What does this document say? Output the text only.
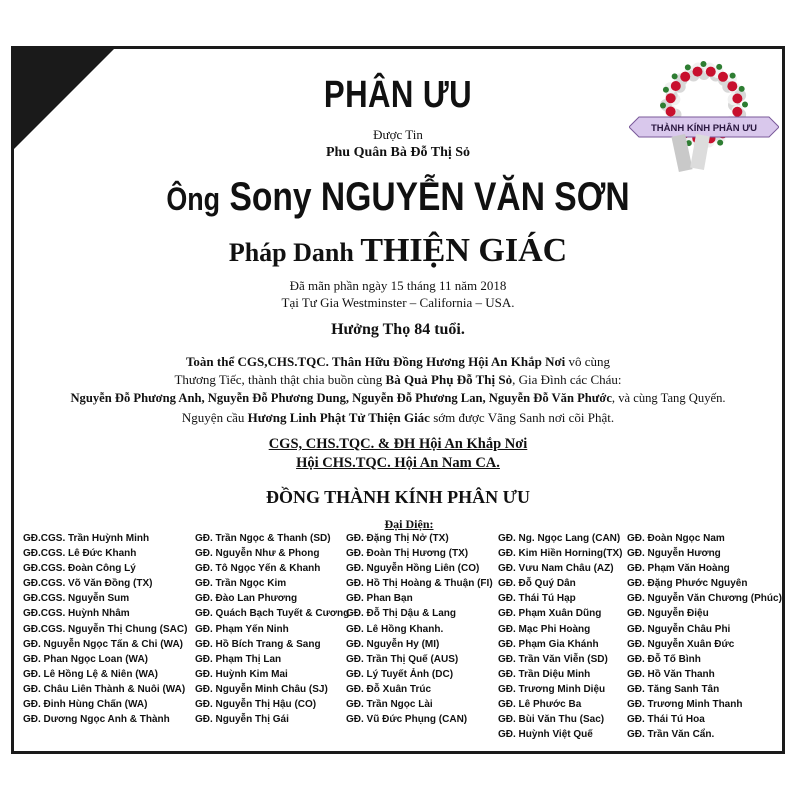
THÀNH KÍNH PHÂN ƯU
PHÂN ƯU
Được Tin
Phu Quân Bà Đỗ Thị Sỏ
Ông Sony NGUYỄN VĂN SƠN
Pháp Danh THIỆN GIÁC
Đã mãn phần ngày 15 tháng 11 năm 2018
Tại Tư Gia Westminster – California – USA.
Hưởng Thọ 84 tuổi.
Toàn thể CGS,CHS.TQC. Thân Hữu Đồng Hương Hội An Khắp Nơi vô cùng
Thương Tiếc, thành thật chia buồn cùng Bà Quả Phụ Đỗ Thị Sỏ, Gia Đình các Cháu:
Nguyễn Đỗ Phương Anh, Nguyễn Đỗ Phương Dung, Nguyễn Đỗ Phương Lan, Nguyễn Đỗ Văn Phước, và cùng Tang Quyến.
Nguyện cầu Hương Linh Phật Tử Thiện Giác sớm được Vãng Sanh nơi cõi Phật.
CGS, CHS.TQC. & ĐH Hội An Khắp Nơi
Hội CHS.TQC. Hội An Nam CA.
ĐỒNG THÀNH KÍNH PHÂN ƯU
Đại Diện:
GĐ.CGS. Trần Huỳnh Minh
GĐ.CGS. Lê Đức Khanh
GĐ.CGS. Đoàn Công Lý
GĐ.CGS. Võ Văn Đồng (TX)
GĐ.CGS. Nguyễn Sum
GĐ.CGS. Huỳnh Nhâm
GĐ.CGS. Nguyễn Thị Chung (SAC)
GĐ. Nguyễn Ngọc Tấn & Chi (WA)
GĐ. Phan Ngọc Loan (WA)
GĐ. Lê Hồng Lệ & Niên (WA)
GĐ. Châu Liên Thành & Nuôi (WA)
GĐ. Đinh Hùng Chấn (WA)
GĐ. Dương Ngọc Anh & Thành
GĐ. Trần Ngọc & Thanh (SD)
GĐ. Nguyễn Như & Phong
GĐ. Tô Ngọc Yến & Khanh
GĐ. Trần Ngọc Kim
GĐ. Đào Lan Phương
GĐ. Quách Bạch Tuyết & Cương
GĐ. Phạm Yến Ninh
GĐ. Hồ Bích Trang & Sang
GĐ. Phạm Thị Lan
GĐ. Huỳnh Kim Mai
GĐ. Nguyễn Minh Châu (SJ)
GĐ. Nguyễn Thị Hậu (CO)
GĐ. Nguyễn Thị Gái
GĐ. Đặng Thị Nở (TX)
GĐ. Đoàn Thị Hương (TX)
GĐ. Nguyễn Hồng Liên (CO)
GĐ. Hồ Thị Hoàng & Thuận (FI)
GĐ. Phan Bạn
GĐ. Đỗ Thị Dậu & Lang
GĐ. Lê Hồng Khanh.
GĐ. Nguyễn Hy (MI)
GĐ. Trần Thị Quế (AUS)
GĐ. Lý Tuyết Ảnh (DC)
GĐ. Đỗ Xuân Trúc
GĐ. Trần Ngọc Lài
GĐ. Vũ Đức Phụng (CAN)
GĐ. Ng. Ngọc Lang (CAN)
GĐ. Kim Hiền Horning(TX)
GĐ. Vưu Nam Châu (AZ)
GĐ. Đỗ Quý Dân
GĐ. Thái Tú Hạp
GĐ. Phạm Xuân Dũng
GĐ. Mạc Phi Hoàng
GĐ. Phạm Gia Khánh
GĐ. Trần Văn Viễn (SD)
GĐ. Trần Diệu Minh
GĐ. Trương Minh Diệu
GĐ. Lê Phước Ba
GĐ. Bùi Văn Thu (Sac)
GĐ. Huỳnh Việt Quế
GĐ. Đoàn Ngọc Nam
GĐ. Nguyễn Hương
GĐ. Phạm Văn Hoàng
GĐ. Đặng Phước Nguyên
GĐ. Nguyễn Văn Chương (Phúc)
GĐ. Nguyễn Điệu
GĐ. Nguyễn Châu Phi
GĐ. Nguyễn Xuân Đức
GĐ. Đỗ Tố Bình
GĐ. Hồ Văn Thanh
GĐ. Tăng Sanh Tân
GĐ. Trương Minh Thanh
GĐ. Thái Tú Hoa
GĐ. Trần Văn Cẩn.
